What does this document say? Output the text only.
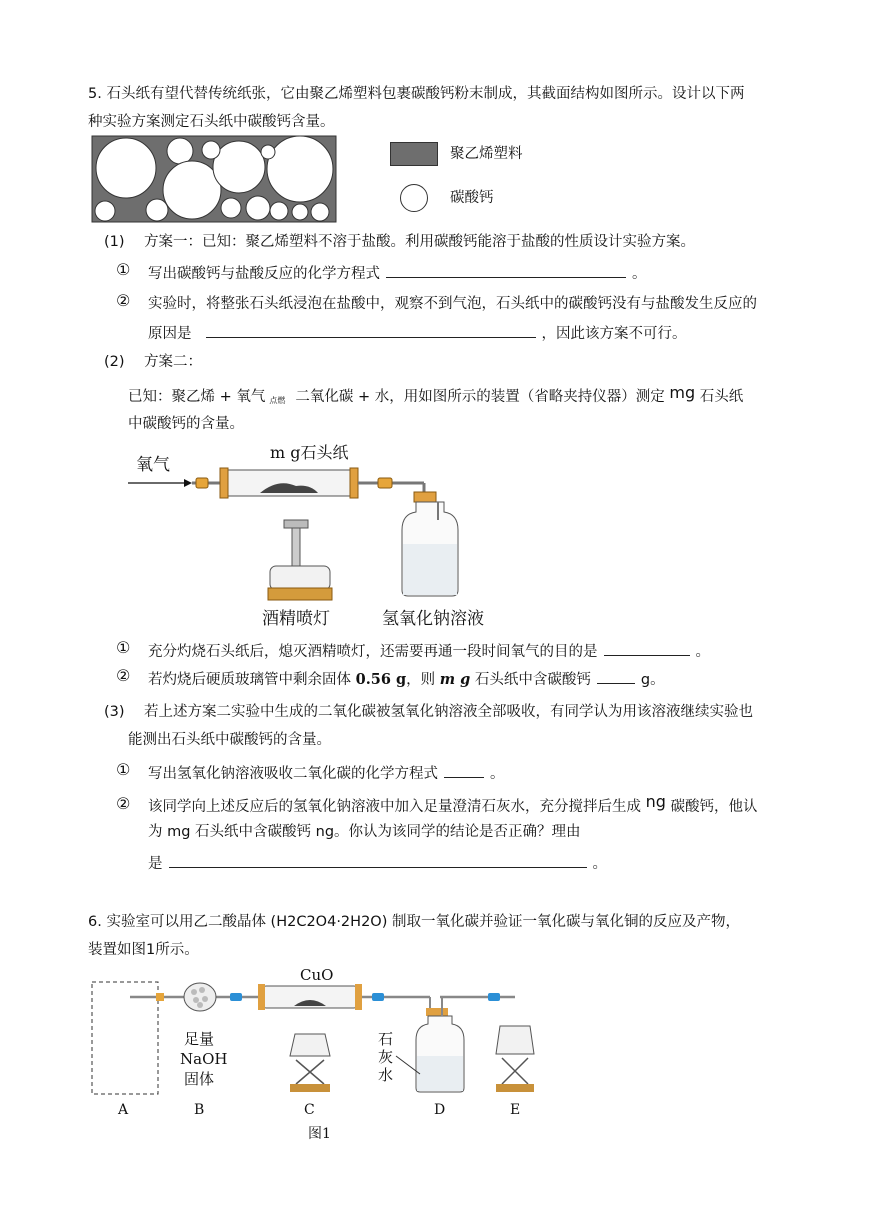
5. 石头纸有望代替传统纸张，它由聚乙烯塑料包裹碳酸钙粉末制成，其截面结构如图所示。设计以下两
种实验方案测定石头纸中碳酸钙含量。
聚乙烯塑料
碳酸钙
(1) 方案一：已知：聚乙烯塑料不溶于盐酸。利用碳酸钙能溶于盐酸的性质设计实验方案。
① 写出碳酸钙与盐酸反应的化学方程式	。
② 实验时，将整张石头纸浸泡在盐酸中，观察不到气泡，石头纸中的碳酸钙没有与盐酸发生反应的
原因是	，因此该方案不可行。
(2) 方案二：
已知：聚乙烯 + 氧气 点燃 二氧化碳 + 水，用如图所示的装置（省略夹持仪器）测定 mg 石头纸
中碳酸钙的含量。
氧气
m g石头纸
氢氧化钠溶液
酒精喷灯
① 充分灼烧石头纸后，熄灭酒精喷灯，还需要再通一段时间氧气的目的是	。
② 若灼烧后硬质玻璃管中剩余固体 0.56 g，则 m g 石头纸中含碳酸钙	g。
(3) 若上述方案二实验中生成的二氧化碳被氢氧化钠溶液全部吸收，有同学认为用该溶液继续实验也
能测出石头纸中碳酸钙的含量。
① 写出氢氧化钠溶液吸收二氧化碳的化学方程式	。
② 该同学向上述反应后的氢氧化钠溶液中加入足量澄清石灰水，充分搅拌后生成 ng 碳酸钙，他认
为 mg 石头纸中含碳酸钙 ng。你认为该同学的结论是否正确？理由
是	。
6. 实验室可以用乙二酸晶体 (H2C2O4·2H2O) 制取一氧化碳并验证一氧化碳与氧化铜的反应及产物，
装置如图1所示。
CuO
石
灰
水
足量
NaOH
固体
A	B	C	D	E
图1
